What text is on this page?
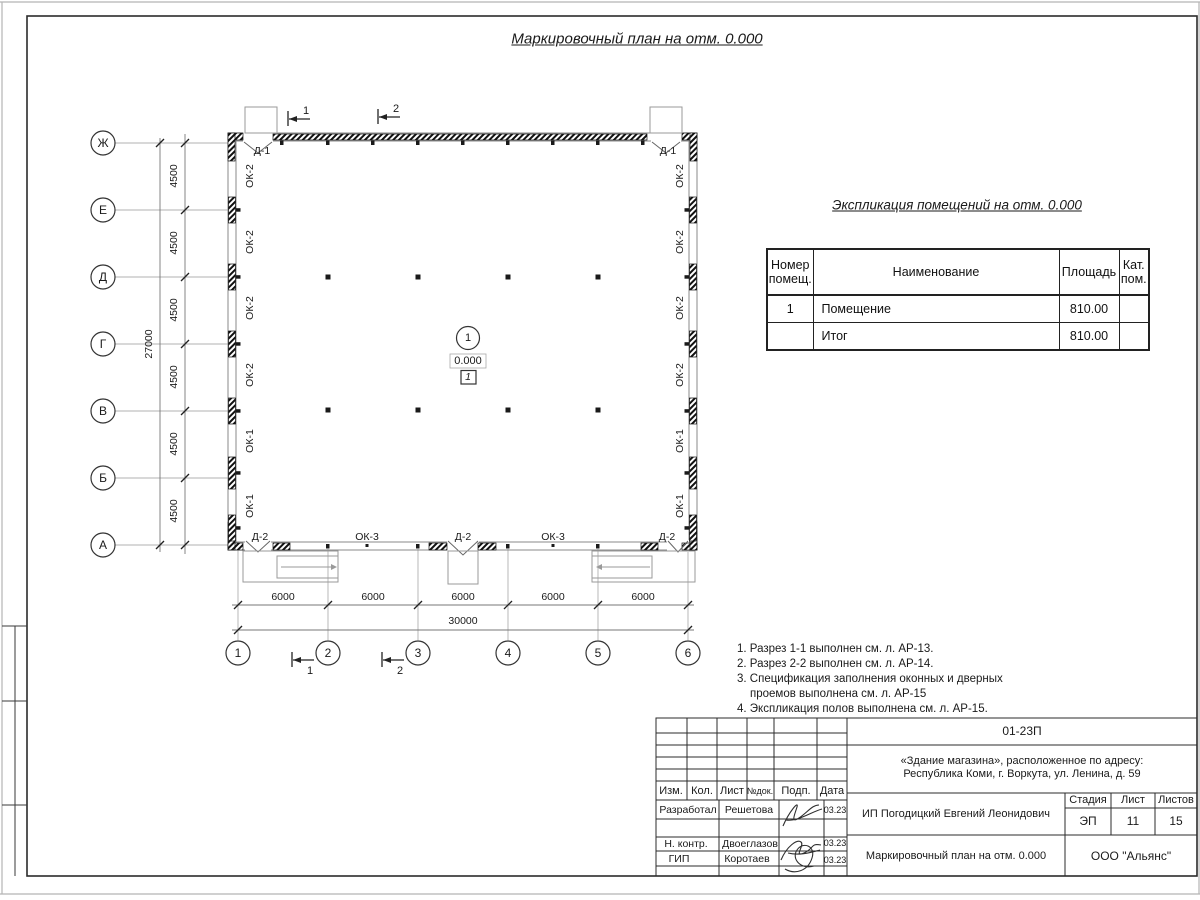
Маркировочный план на отм. 0.000
Ж
Е
Д
Г
В
Б
А
1	2	3	4	5	6
4500
4500
4500
4500
4500
4500
27000
6000	6000	6000	6000	6000
30000
ОК-2
ОК-2
ОК-2
ОК-2
ОК-1
ОК-1
ОК-2
ОК-2
ОК-2
ОК-2
ОК-1
ОК-1
Д-1	Д-1
Д-2	ОК-3	Д-2	ОК-3	Д-2
1	2
1	2
1
0.000
1
Экспликация помещений на отм. 0.000
Номер помещ.	Наименование	Площадь	Кат. пом.
1	Помещение	810.00	
	Итог	810.00	
1. Разрез 1-1 выполнен см. л. АР-13.
2. Разрез 2-2 выполнен см. л. АР-14.
3. Спецификация заполнения оконных и дверных
проемов выполнена см. л. АР-15
4. Экспликация полов выполнена см. л. АР-15.
01-23П
«Здание магазина», расположенное по адресу:
Республика Коми, г. Воркута, ул. Ленина, д. 59
Изм. Кол. Лист №док. Подп. Дата
Разработал Решетова	03.23
Н. контр. Двоеглазов	03.23
ГИП	Коротаев	03.23
ИП Погодицкий Евгений Леонидович
Маркировочный план на отм. 0.000
Стадия Лист Листов
ЭП	11	15
ООО "Альянс"
